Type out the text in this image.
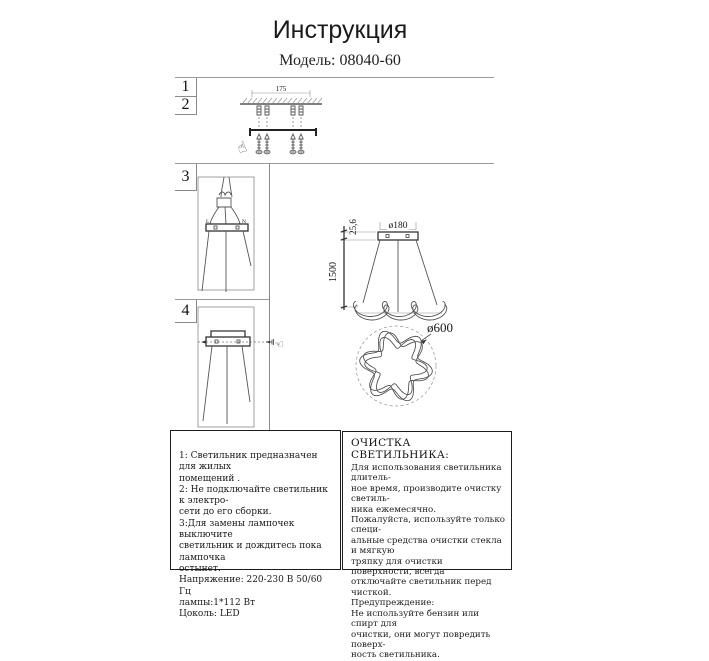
Инструкция
Модель: 08040-60
1
2
3
4
175
☝
L	N
☜
ø180
25,6
1500
ø600
1: Светильник предназначен для жилых
помещений .
2: Не подключайте светильник к электро-
сети до его сборки.
3:Для замены лампочек выключите
светильник и дождитесь пока лампочка
остынет.
Напряжение: 220-230 В 50/60 Гц
лампы:1*112 Вт
Цоколь: LED
ОЧИСТКА СВЕТИЛЬНИКА:
Для использования светильника длитель-
ное время, производите очистку светиль-
ника ежемесячно.
Пожалуйста, используйте только специ-
альные средства очистки стекла и мягкую
тряпку для очистки поверхности, всегда
отключайте светильник перед чисткой.
Предупреждение:
Не используйте бензин или спирт для
очистки, они могут повредить поверх-
ность светильника.
